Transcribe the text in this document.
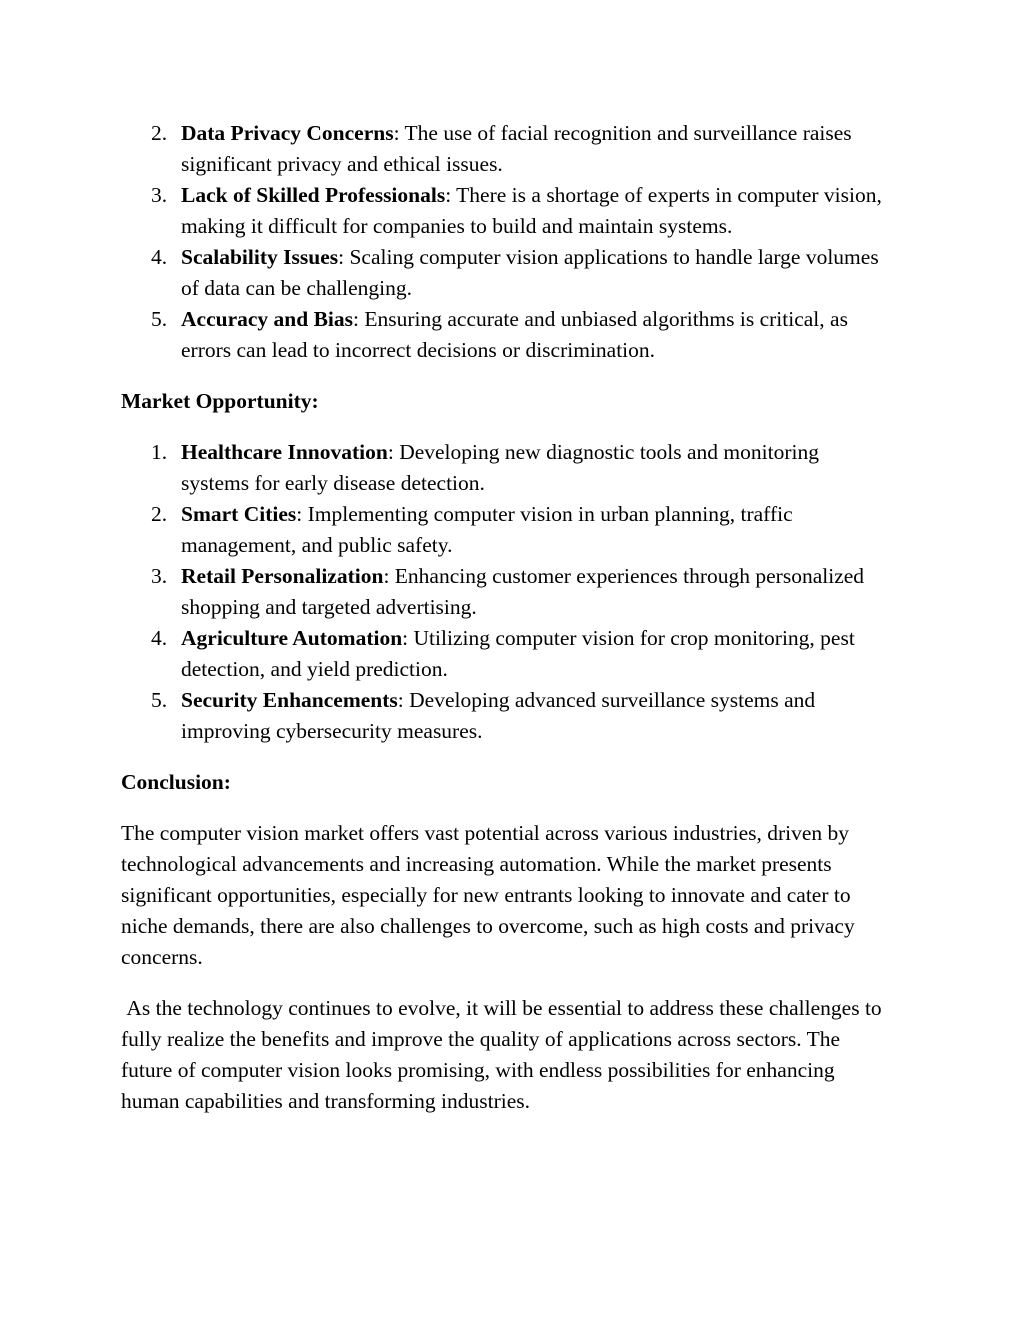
2. Data Privacy Concerns: The use of facial recognition and surveillance raises significant privacy and ethical issues.
3. Lack of Skilled Professionals: There is a shortage of experts in computer vision, making it difficult for companies to build and maintain systems.
4. Scalability Issues: Scaling computer vision applications to handle large volumes of data can be challenging.
5. Accuracy and Bias: Ensuring accurate and unbiased algorithms is critical, as errors can lead to incorrect decisions or discrimination.

Market Opportunity:

1. Healthcare Innovation: Developing new diagnostic tools and monitoring systems for early disease detection.
2. Smart Cities: Implementing computer vision in urban planning, traffic management, and public safety.
3. Retail Personalization: Enhancing customer experiences through personalized shopping and targeted advertising.
4. Agriculture Automation: Utilizing computer vision for crop monitoring, pest detection, and yield prediction.
5. Security Enhancements: Developing advanced surveillance systems and improving cybersecurity measures.

Conclusion:

The computer vision market offers vast potential across various industries, driven by technological advancements and increasing automation. While the market presents significant opportunities, especially for new entrants looking to innovate and cater to niche demands, there are also challenges to overcome, such as high costs and privacy concerns.

As the technology continues to evolve, it will be essential to address these challenges to fully realize the benefits and improve the quality of applications across sectors. The future of computer vision looks promising, with endless possibilities for enhancing human capabilities and transforming industries.
